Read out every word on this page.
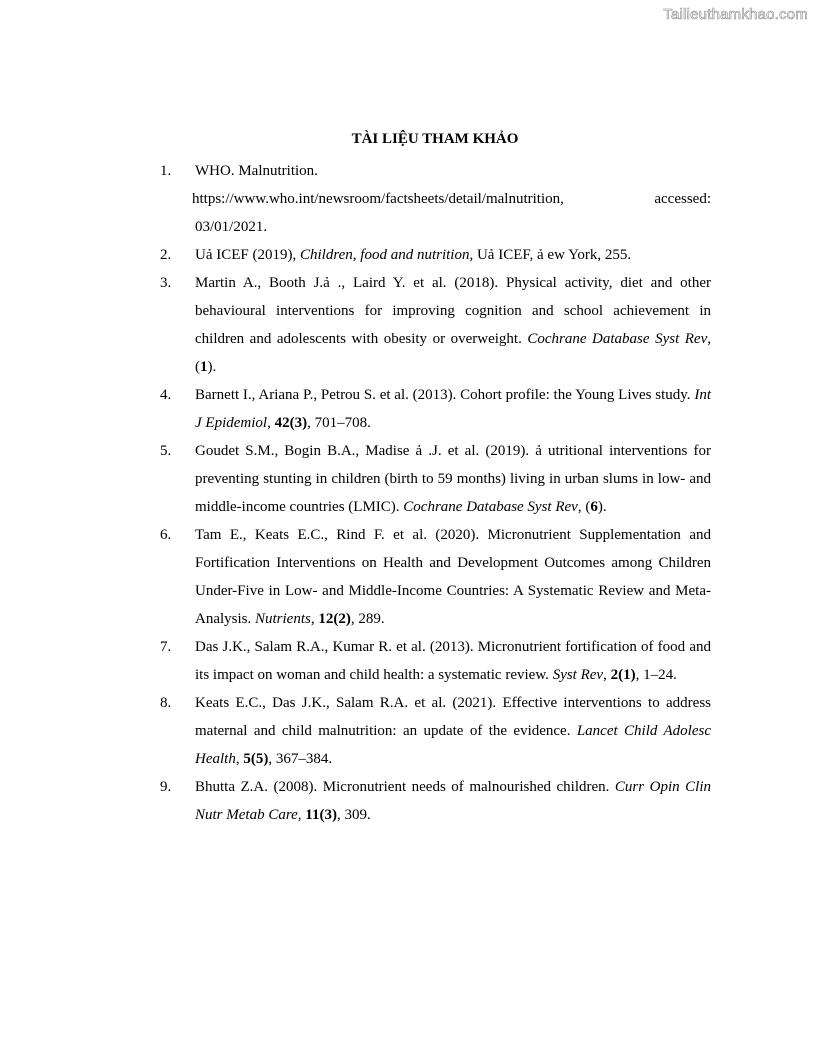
Tailieuthamkhao.com
TÀI LIỆU THAM KHẢO
1. WHO. Malnutrition.
https://www.who.int/newsroom/factsheets/detail/malnutrition,	accessed:
03/01/2021.
2. Uả ICEF (2019), Children, food and nutrition, Uả ICEF, ả ew York, 255.
3. Martin A., Booth J.ả ., Laird Y. et al. (2018). Physical activity, diet and other behavioural interventions for improving cognition and school achievement in children and adolescents with obesity or overweight. Cochrane Database Syst Rev, (1).
4. Barnett I., Ariana P., Petrou S. et al. (2013). Cohort profile: the Young Lives study. Int J Epidemiol, 42(3), 701–708.
5. Goudet S.M., Bogin B.A., Madise ả .J. et al. (2019). ả utritional interventions for preventing stunting in children (birth to 59 months) living in urban slums in low- and middle-income countries (LMIC). Cochrane Database Syst Rev, (6).
6. Tam E., Keats E.C., Rind F. et al. (2020). Micronutrient Supplementation and Fortification Interventions on Health and Development Outcomes among Children Under-Five in Low- and Middle-Income Countries: A Systematic Review and Meta-Analysis. Nutrients, 12(2), 289.
7. Das J.K., Salam R.A., Kumar R. et al. (2013). Micronutrient fortification of food and its impact on woman and child health: a systematic review. Syst Rev, 2(1), 1–24.
8. Keats E.C., Das J.K., Salam R.A. et al. (2021). Effective interventions to address maternal and child malnutrition: an update of the evidence. Lancet Child Adolesc Health, 5(5), 367–384.
9. Bhutta Z.A. (2008). Micronutrient needs of malnourished children. Curr Opin Clin Nutr Metab Care, 11(3), 309.
